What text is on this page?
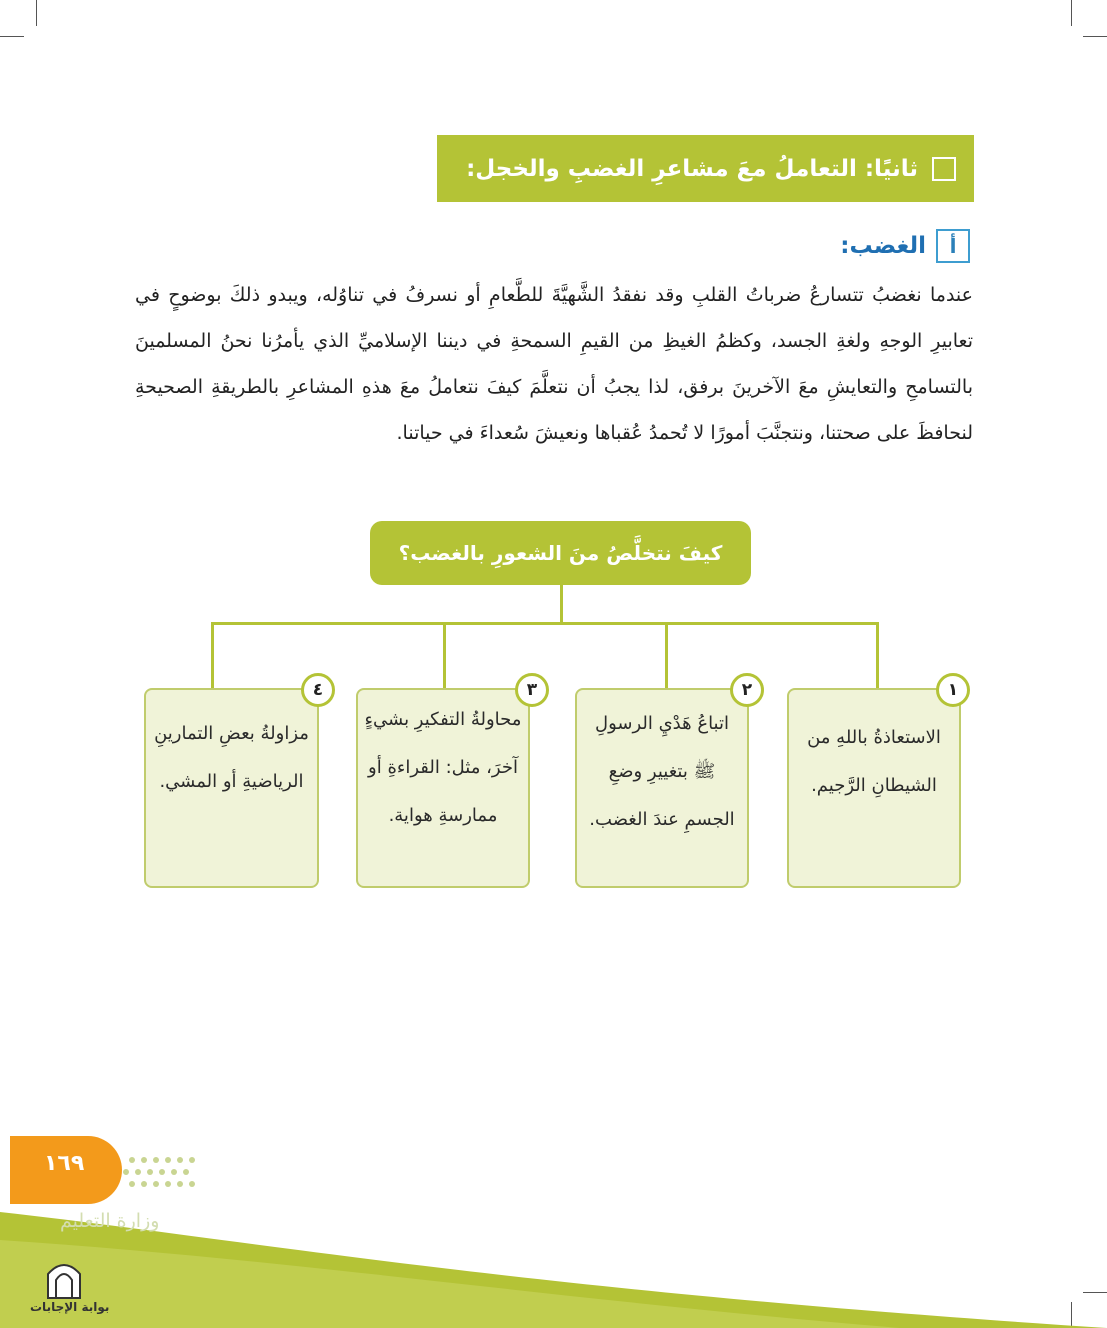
ثانيًا: التعاملُ معَ مشاعرِ الغضبِ والخجل:
أ
الغضب:
عندما نغضبُ تتسارعُ ضرباتُ القلبِ وقد نفقدُ الشَّهيَّةَ للطَّعامِ أو نسرفُ في تناوُله، ويبدو ذلكَ بوضوحٍ في تعابيرِ الوجهِ ولغةِ الجسد، وكظمُ الغيظِ من القيمِ السمحةِ في ديننا الإسلاميِّ الذي يأمرُنا نحنُ المسلمينَ بالتسامحِ والتعايشِ معَ الآخرينَ برفق، لذا يجبُ أن نتعلَّمَ كيفَ نتعاملُ معَ هذهِ المشاعرِ بالطريقةِ الصحيحةِ لنحافظَ على صحتنا، ونتجنَّبَ أمورًا لا تُحمدُ عُقباها ونعيشَ سُعداءَ في حياتنا.
كيفَ نتخلَّصُ منَ الشعورِ بالغضب؟
الاستعاذةُ باللهِ من الشيطانِ الرَّجيم.
اتباعُ هَدْيِ الرسولِ ﷺ بتغييرِ وضعِ الجسمِ عندَ الغضب.
محاولةُ التفكيرِ بشيءٍ آخرَ، مثل: القراءةِ أو ممارسةِ هواية.
مزاولةُ بعضِ التمارينِ الرياضيةِ أو المشي.
١
٢
٣
٤
١٦٩
وزارة التعليم
بوابة الإجابات
